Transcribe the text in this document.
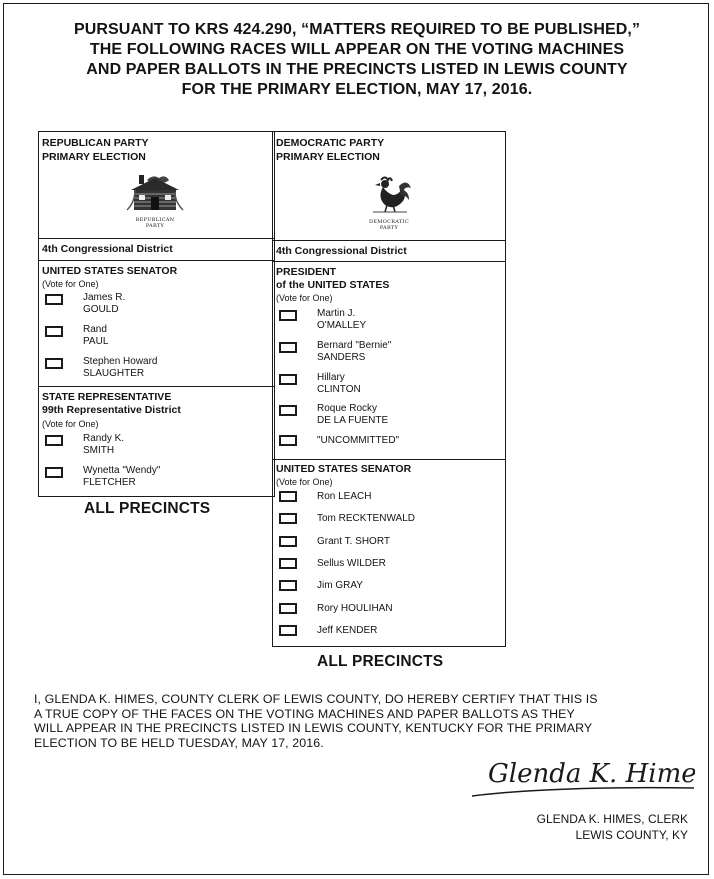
PURSUANT TO KRS 424.290, “MATTERS REQUIRED TO BE PUBLISHED,”
THE FOLLOWING RACES WILL APPEAR ON THE VOTING MACHINES
AND PAPER BALLOTS IN THE PRECINCTS LISTED IN LEWIS COUNTY
FOR THE PRIMARY ELECTION, MAY 17, 2016.
REPUBLICAN PARTY
PRIMARY ELECTION
REPUBLICAN
PARTY
4th Congressional District
UNITED STATES SENATOR
(Vote for One)
James R.
GOULD
Rand
PAUL
Stephen Howard
SLAUGHTER
STATE REPRESENTATIVE
99th Representative District
(Vote for One)
Randy K.
SMITH
Wynetta "Wendy"
FLETCHER
ALL PRECINCTS
DEMOCRATIC PARTY
PRIMARY ELECTION
DEMOCRATIC
PARTY
4th Congressional District
PRESIDENT
of the UNITED STATES
(Vote for One)
Martin J.
O'MALLEY
Bernard "Bernie"
SANDERS
Hillary
CLINTON
Roque Rocky
DE LA FUENTE
"UNCOMMITTED"
UNITED STATES SENATOR
(Vote for One)
Ron LEACH
Tom RECKTENWALD
Grant T. SHORT
Sellus WILDER
Jim GRAY
Rory HOULIHAN
Jeff KENDER
ALL PRECINCTS
I, GLENDA K. HIMES, COUNTY CLERK OF LEWIS COUNTY, DO HEREBY CERTIFY THAT THIS IS
A TRUE COPY OF THE FACES ON THE VOTING MACHINES AND PAPER BALLOTS AS THEY
WILL APPEAR IN THE PRECINCTS LISTED IN LEWIS COUNTY, KENTUCKY FOR THE PRIMARY
ELECTION TO BE HELD TUESDAY, MAY 17, 2016.
Glenda K. Himes
GLENDA K. HIMES, CLERK
LEWIS COUNTY, KY
